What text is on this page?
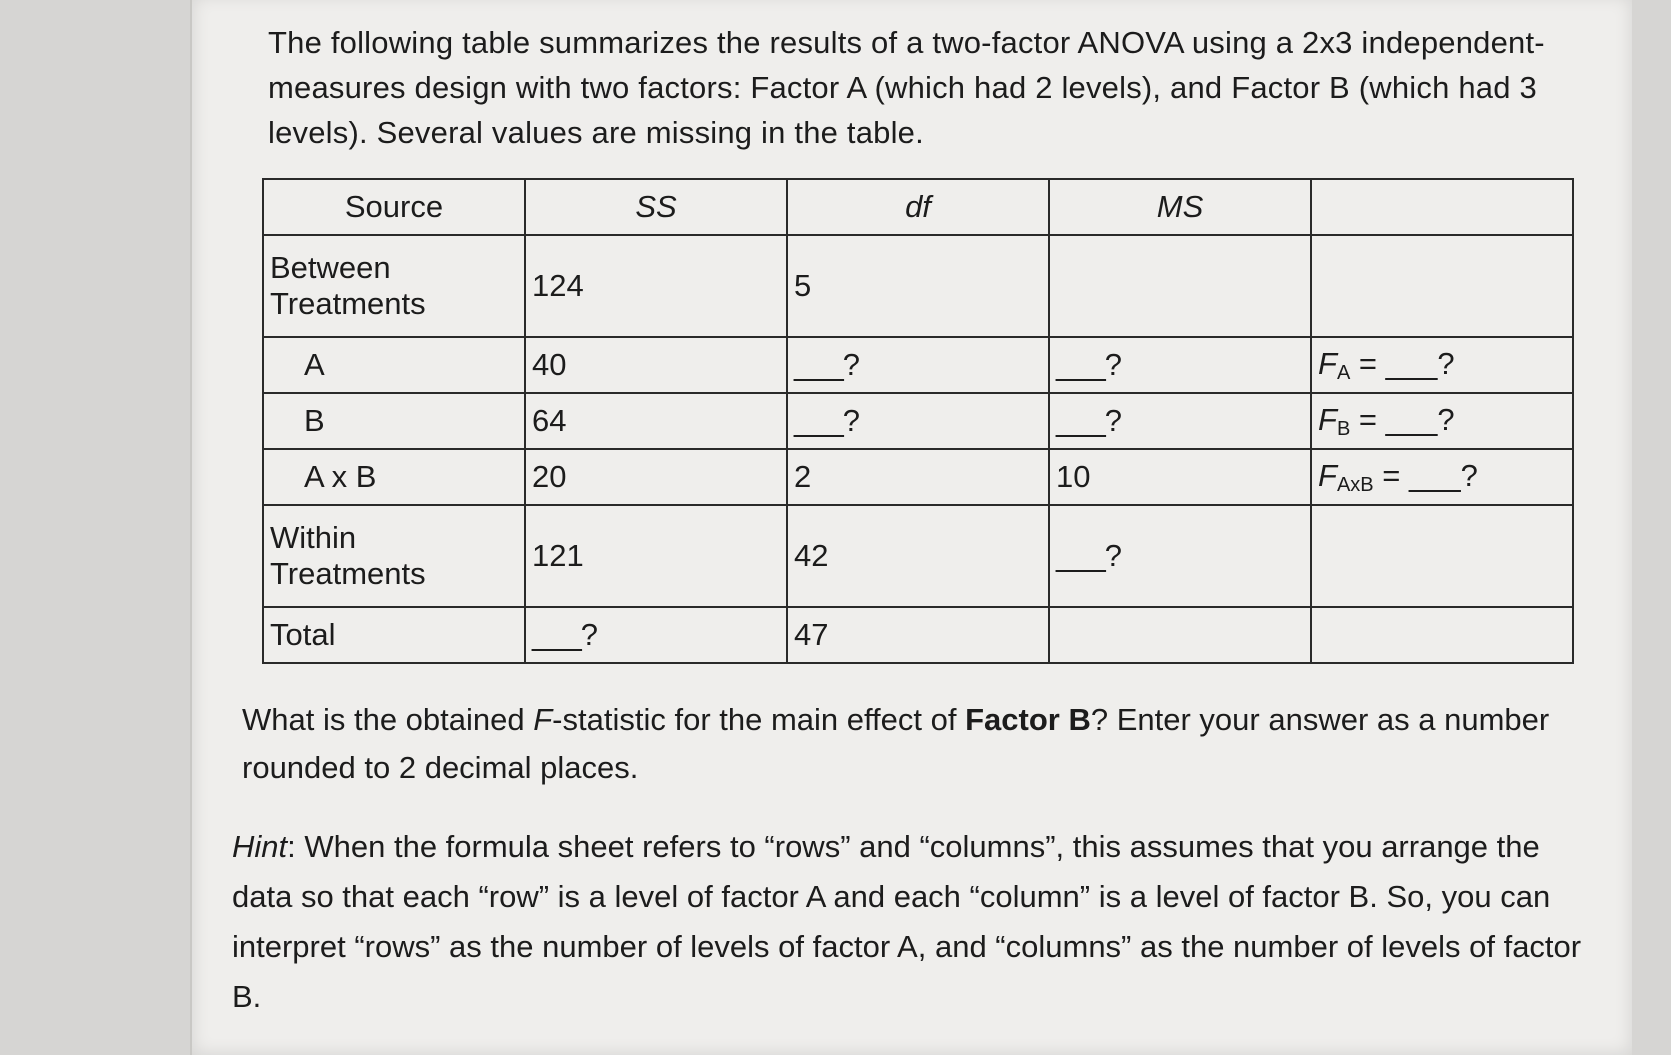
The following table summarizes the results of a two-factor ANOVA using a 2x3 independent-measures design with two factors: Factor A (which had 2 levels), and Factor B (which had 3 levels). Several values are missing in the table.
Source	SS	df	MS	
Between Treatments	124	5		
A	40	___?	___?	$F_A$ = ___?
B	64	___?	___?	$F_B$ = ___?
A x B	20	2	10	$F_{AxB}$ = ___?
Within Treatments	121	42	___?	
Total	___?	47		
What is the obtained F-statistic for the main effect of Factor B? Enter your answer as a number rounded to 2 decimal places.
Hint: When the formula sheet refers to “rows” and “columns”, this assumes that you arrange the data so that each “row” is a level of factor A and each “column” is a level of factor B. So, you can interpret “rows” as the number of levels of factor A, and “columns” as the number of levels of factor B.
